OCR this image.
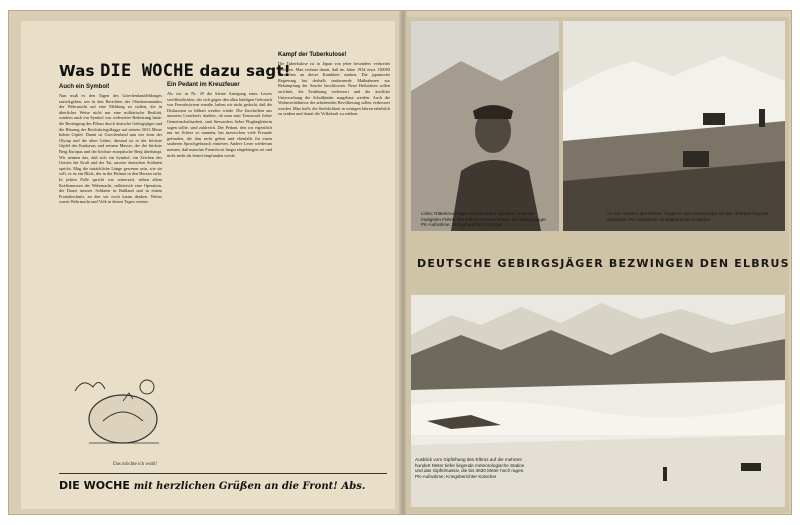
Was DIE WOCHE dazu sagt!
Auch ein Symbol!
Nun muß es den Tagen des Griechenlandfeldzuges zurückgehen, um in den Berichten des Oberkommandos der Wehrmacht auf eine Meldung zu stoßen, die in überlicher Weise nicht nur eine militärische Realität, sondern auch ein Symbol von weltweiter Bedeutung hatte: die Besteigung des Elbrus durch deutsche Gebirgsjäger und die Hissung der Reichskriegsflagge auf seinem 5633 Meter hohen Gipfel. Damit ist Griechenland nun wie einst der Olymp und die alten Götter, diesmal ist es der höchste Gipfel des Kaukasus und seinem Massiv, der der höchste Berg Europas und der höchste europäische Berg überhaupt. Wir nennen das, daß sich ein Symbol, ein Zeichen des Geistes der Kraft und der Tat, unserer deutschen Soldaten spricht. Mag die tatsächliche Länge gewesen sein, wie sie will, es ist ein Blick, der in der Heimat in den Herzen sieht. In jedem Falle spricht wie seinerzeit, neben allem Kräftemessen der Wehrmacht, militärisch eine Operation, die Dauer unserer Soldaten in Rußland und in einem Frontabschnitt, an den wir noch kaum denken. Weiter waren Wehrmacht und Volk in diesen Tagen vereint.
Ein Pedant im Kreuzfeuer
Als wir in Nr. 29 die kleine Anregung eines Lesers veröffentlichten, der sich gegen den allzu häufigen Gebrauch von Fremdwörtern wandte, haben wir nicht gedacht, daß die Diskussion so lebhaft werden würde. Die Zuschriften aus unserem Leserkreis darüber, ob man statt Teamwork lieber Gemeinschaftsarbeit, statt Stewardess lieber Flugbegleiterin sagen sollte, sind zahlreich. Der Pedant, den wir eigentlich nur im Scherz so nannten, hat inzwischen viele Freunde gefunden, die ihm recht geben und ebenfalls für einen sauberen Sprachgebrauch eintreten. Andere Leser wiederum meinen, daß manches Fremdwort längst eingebürgert sei und nicht mehr als fremd empfunden werde.
Kampf der Tuberkulose!
Die Tuberkulose ist in Japan von jeher besonders verbreitet gewesen. Man rechnet damit, daß im Jahre 1934 etwa 130000 Menschen an dieser Krankheit starben. Die japanische Regierung hat deshalb umfassende Maßnahmen zur Bekämpfung der Seuche beschlossen. Neue Heilstätten sollen errichtet, die Ernährung verbessert und die ärztliche Untersuchung der Schulkinder ausgebaut werden. Auch die Wohnverhältnisse der arbeitenden Bevölkerung sollen verbessert werden. Man hofft, die Sterblichkeit in wenigen Jahren erheblich zu senken und damit die Volkskraft zu stärken.
Das möchte ich wohl!
DIE WOCHE mit herzlichen Grüßen an die Front! Abs.
Links: Ritterkreuzträger Oberleutnant Spindler, einer der mutigsten Führer des Elbrus-Unternehmens der Gebirgsjäger. PK-Aufnahme: Kriegsberichter Rötscher
An den Westen des Elbrus: Tragtiere des Nachschubs bei der Überquerung der Gletscher. PK-Aufnahme: Kriegsberichter Kotscher
DEUTSCHE GEBIRGSJÄGER BEZWINGEN DEN ELBRUS
Ausblick vom Gipfelhang des Elbrus auf die mehrere hundert Meter tiefer liegende meteorologische Station und das Gipfelmassiv, die bis 3630 Meter hoch ragen. PK-Aufnahme: Kriegsberichter Kotscher
